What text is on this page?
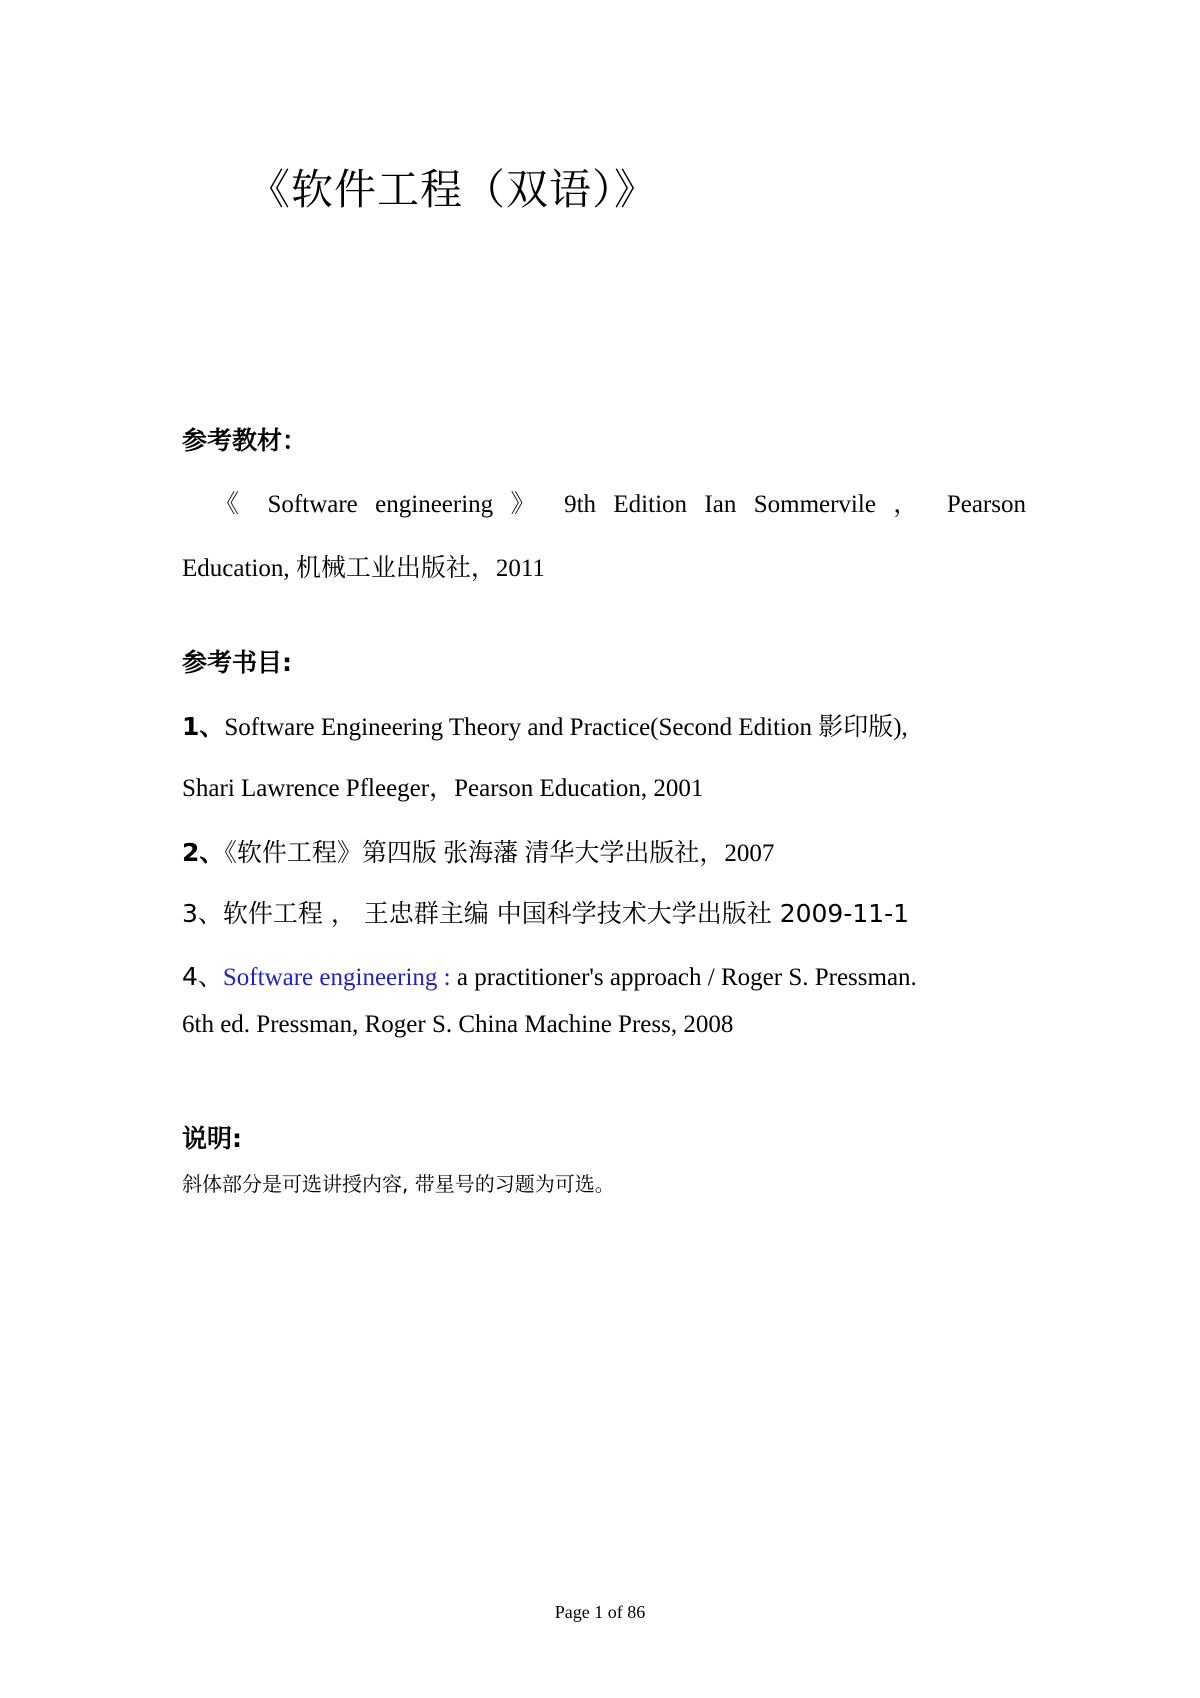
《软件工程（双语）》
参考教材：
《 Software engineering 》 9th Edition Ian Sommervile ， Pearson
Education, 机械工业出版社，2011
参考书目:
1、Software Engineering Theory and Practice(Second Edition 影印版),
Shari Lawrence Pfleeger，Pearson Education, 2001
2、《软件工程》第四版 张海藩 清华大学出版社，2007
3、软件工程 ， 王忠群主编 中国科学技术大学出版社 2009-11-1
4、Software engineering : a practitioner's approach / Roger S. Pressman.
6th ed. Pressman, Roger S. China Machine Press, 2008
说明:
斜体部分是可选讲授内容, 带星号的习题为可选。
Page 1 of 86
